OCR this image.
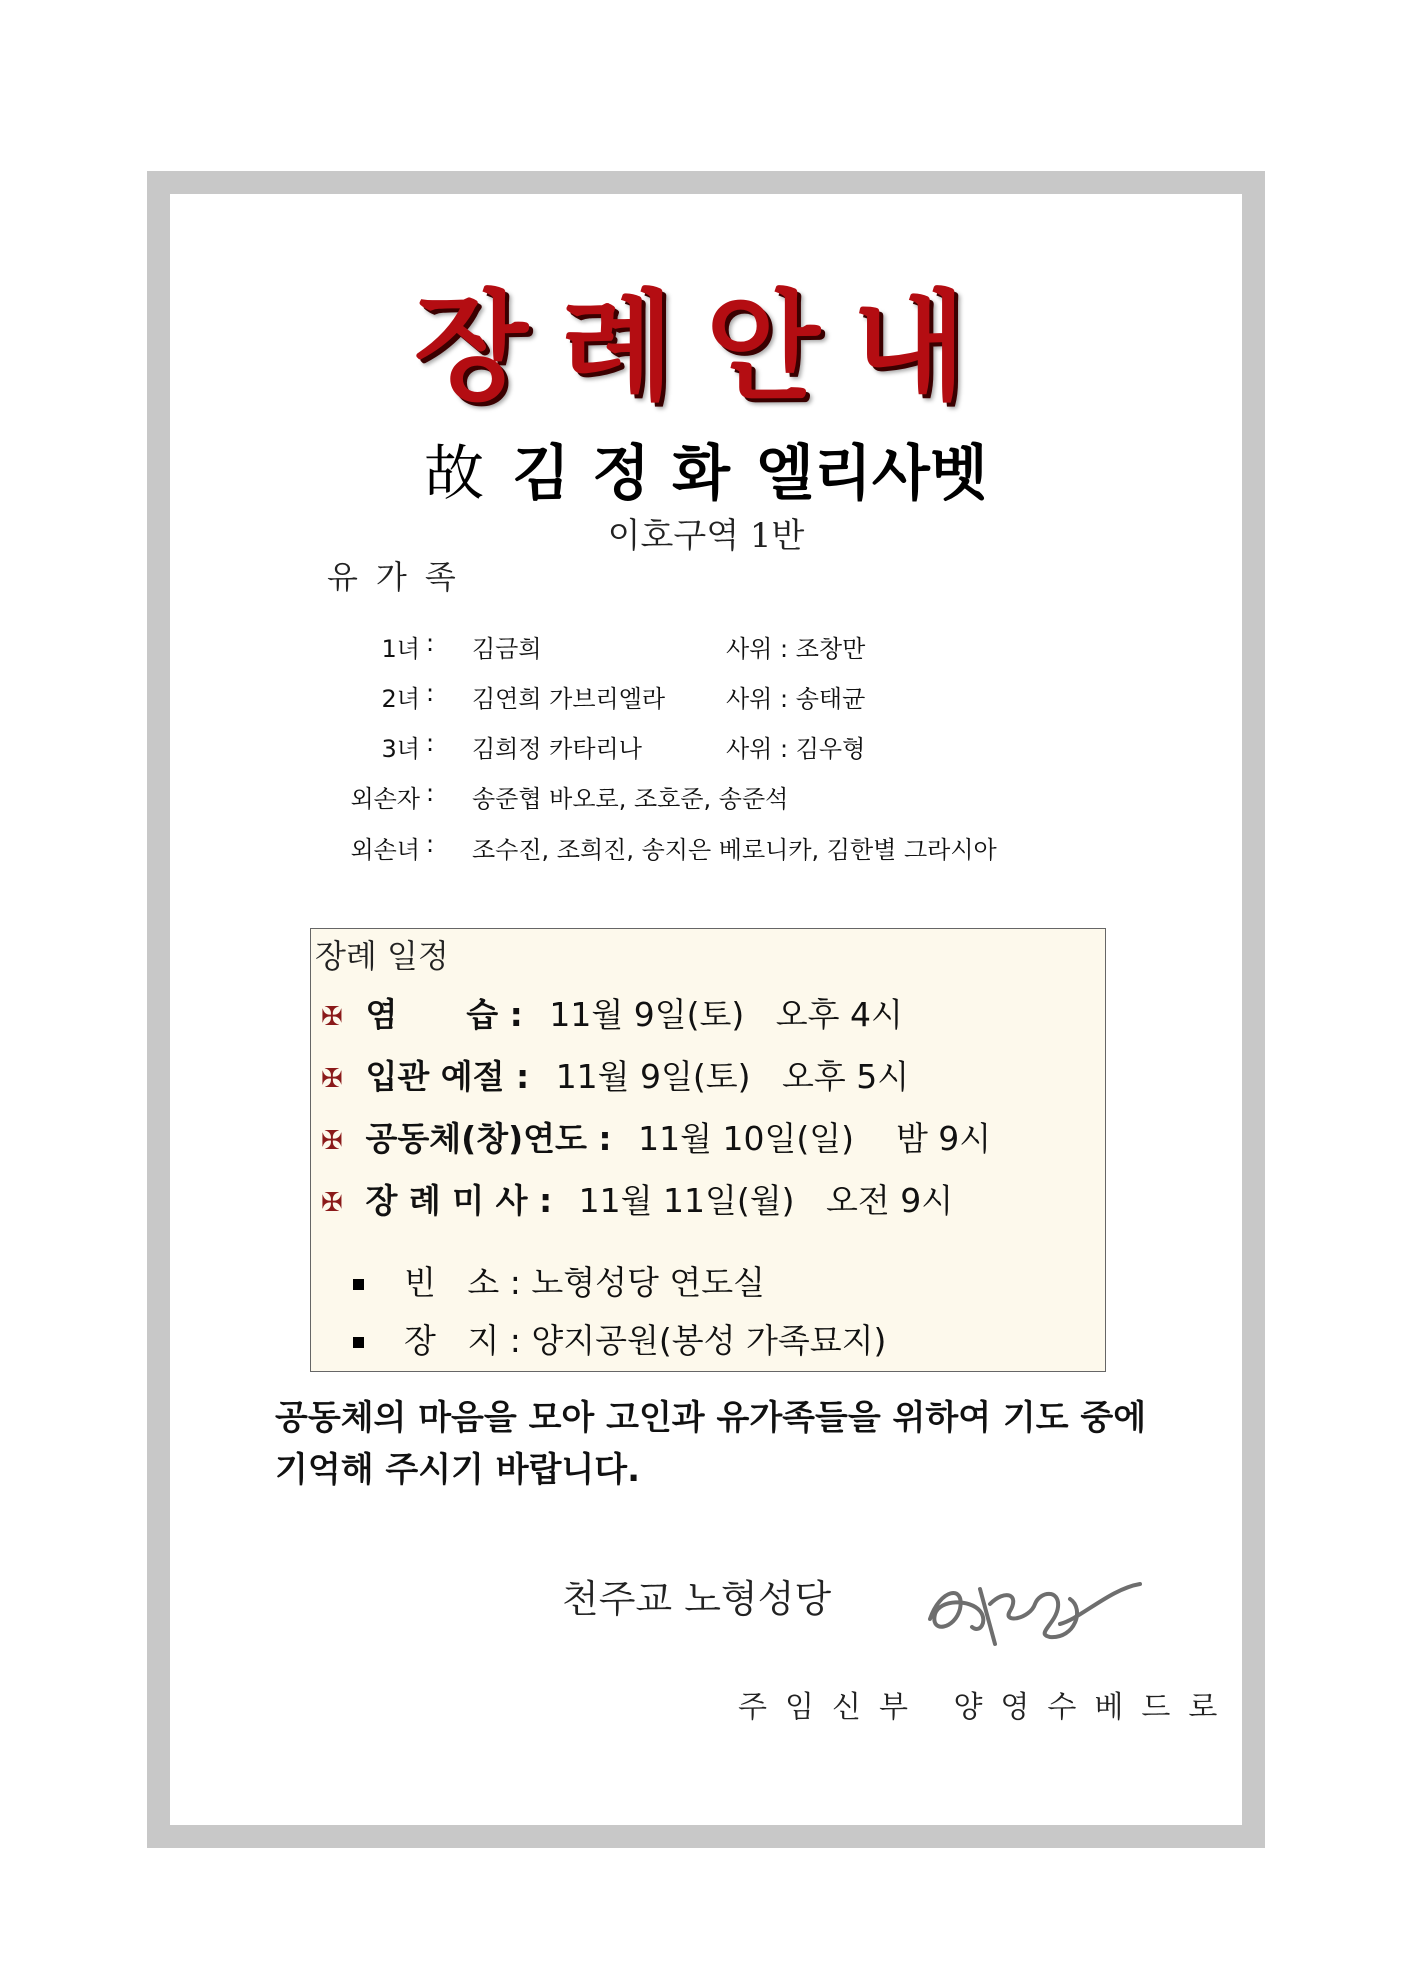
장례안내
故 김정화엘리사벳
이호구역 1반
유가족
1녀 : 김금희	사위 : 조창만
2녀 : 김연희 가브리엘라	사위 : 송태균
3녀 : 김희정 카타리나	사위 : 김우형
외손자 : 송준협 바오로, 조호준, 송준석
외손녀 : 조수진, 조희진, 송지은 베로니카, 김한별 그라시아
장례 일정
✠ 염      습 : 11월 9일(토)   오후 4시
✠ 입관 예절 : 11월 9일(토)   오후 5시
✠ 공동체(창)연도 : 11월 10일(일)    밤 9시
✠ 장 례 미 사 : 11월 11일(월)   오전 9시
빈   소 : 노형성당 연도실
장   지 : 양지공원(봉성 가족묘지)
공동체의 마음을 모아 고인과 유가족들을 위하여 기도 중에 기억해 주시기 바랍니다.
천주교 노형성당
주임신부 양영수베드로
